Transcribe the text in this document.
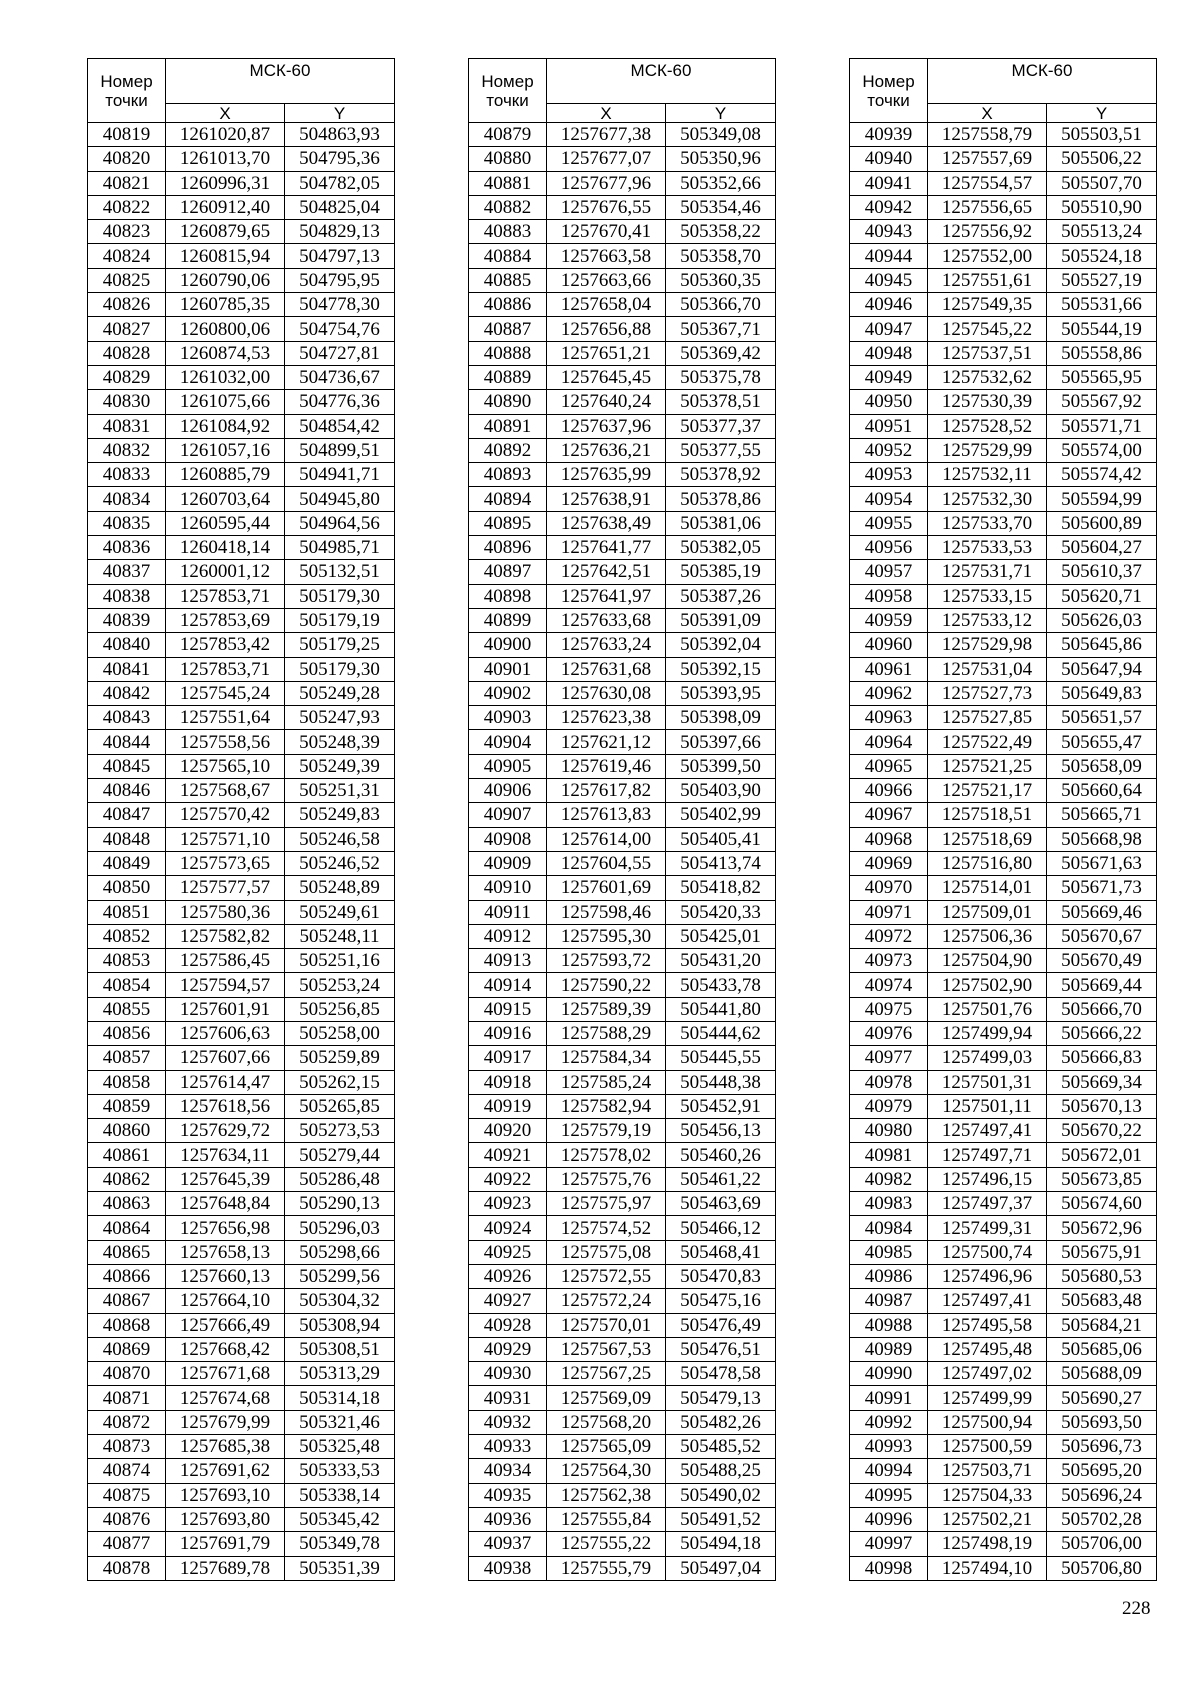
Номер
точки	МСК-60	
	X	Y
40819	1261020,87	504863,93
40820	1261013,70	504795,36
40821	1260996,31	504782,05
40822	1260912,40	504825,04
40823	1260879,65	504829,13
40824	1260815,94	504797,13
40825	1260790,06	504795,95
40826	1260785,35	504778,30
40827	1260800,06	504754,76
40828	1260874,53	504727,81
40829	1261032,00	504736,67
40830	1261075,66	504776,36
40831	1261084,92	504854,42
40832	1261057,16	504899,51
40833	1260885,79	504941,71
40834	1260703,64	504945,80
40835	1260595,44	504964,56
40836	1260418,14	504985,71
40837	1260001,12	505132,51
40838	1257853,71	505179,30
40839	1257853,69	505179,19
40840	1257853,42	505179,25
40841	1257853,71	505179,30
40842	1257545,24	505249,28
40843	1257551,64	505247,93
40844	1257558,56	505248,39
40845	1257565,10	505249,39
40846	1257568,67	505251,31
40847	1257570,42	505249,83
40848	1257571,10	505246,58
40849	1257573,65	505246,52
40850	1257577,57	505248,89
40851	1257580,36	505249,61
40852	1257582,82	505248,11
40853	1257586,45	505251,16
40854	1257594,57	505253,24
40855	1257601,91	505256,85
40856	1257606,63	505258,00
40857	1257607,66	505259,89
40858	1257614,47	505262,15
40859	1257618,56	505265,85
40860	1257629,72	505273,53
40861	1257634,11	505279,44
40862	1257645,39	505286,48
40863	1257648,84	505290,13
40864	1257656,98	505296,03
40865	1257658,13	505298,66
40866	1257660,13	505299,56
40867	1257664,10	505304,32
40868	1257666,49	505308,94
40869	1257668,42	505308,51
40870	1257671,68	505313,29
40871	1257674,68	505314,18
40872	1257679,99	505321,46
40873	1257685,38	505325,48
40874	1257691,62	505333,53
40875	1257693,10	505338,14
40876	1257693,80	505345,42
40877	1257691,79	505349,78
40878	1257689,78	505351,39
Номер
точки	МСК-60	
	X	Y
40879	1257677,38	505349,08
40880	1257677,07	505350,96
40881	1257677,96	505352,66
40882	1257676,55	505354,46
40883	1257670,41	505358,22
40884	1257663,58	505358,70
40885	1257663,66	505360,35
40886	1257658,04	505366,70
40887	1257656,88	505367,71
40888	1257651,21	505369,42
40889	1257645,45	505375,78
40890	1257640,24	505378,51
40891	1257637,96	505377,37
40892	1257636,21	505377,55
40893	1257635,99	505378,92
40894	1257638,91	505378,86
40895	1257638,49	505381,06
40896	1257641,77	505382,05
40897	1257642,51	505385,19
40898	1257641,97	505387,26
40899	1257633,68	505391,09
40900	1257633,24	505392,04
40901	1257631,68	505392,15
40902	1257630,08	505393,95
40903	1257623,38	505398,09
40904	1257621,12	505397,66
40905	1257619,46	505399,50
40906	1257617,82	505403,90
40907	1257613,83	505402,99
40908	1257614,00	505405,41
40909	1257604,55	505413,74
40910	1257601,69	505418,82
40911	1257598,46	505420,33
40912	1257595,30	505425,01
40913	1257593,72	505431,20
40914	1257590,22	505433,78
40915	1257589,39	505441,80
40916	1257588,29	505444,62
40917	1257584,34	505445,55
40918	1257585,24	505448,38
40919	1257582,94	505452,91
40920	1257579,19	505456,13
40921	1257578,02	505460,26
40922	1257575,76	505461,22
40923	1257575,97	505463,69
40924	1257574,52	505466,12
40925	1257575,08	505468,41
40926	1257572,55	505470,83
40927	1257572,24	505475,16
40928	1257570,01	505476,49
40929	1257567,53	505476,51
40930	1257567,25	505478,58
40931	1257569,09	505479,13
40932	1257568,20	505482,26
40933	1257565,09	505485,52
40934	1257564,30	505488,25
40935	1257562,38	505490,02
40936	1257555,84	505491,52
40937	1257555,22	505494,18
40938	1257555,79	505497,04
Номер
точки	МСК-60	
	X	Y
40939	1257558,79	505503,51
40940	1257557,69	505506,22
40941	1257554,57	505507,70
40942	1257556,65	505510,90
40943	1257556,92	505513,24
40944	1257552,00	505524,18
40945	1257551,61	505527,19
40946	1257549,35	505531,66
40947	1257545,22	505544,19
40948	1257537,51	505558,86
40949	1257532,62	505565,95
40950	1257530,39	505567,92
40951	1257528,52	505571,71
40952	1257529,99	505574,00
40953	1257532,11	505574,42
40954	1257532,30	505594,99
40955	1257533,70	505600,89
40956	1257533,53	505604,27
40957	1257531,71	505610,37
40958	1257533,15	505620,71
40959	1257533,12	505626,03
40960	1257529,98	505645,86
40961	1257531,04	505647,94
40962	1257527,73	505649,83
40963	1257527,85	505651,57
40964	1257522,49	505655,47
40965	1257521,25	505658,09
40966	1257521,17	505660,64
40967	1257518,51	505665,71
40968	1257518,69	505668,98
40969	1257516,80	505671,63
40970	1257514,01	505671,73
40971	1257509,01	505669,46
40972	1257506,36	505670,67
40973	1257504,90	505670,49
40974	1257502,90	505669,44
40975	1257501,76	505666,70
40976	1257499,94	505666,22
40977	1257499,03	505666,83
40978	1257501,31	505669,34
40979	1257501,11	505670,13
40980	1257497,41	505670,22
40981	1257497,71	505672,01
40982	1257496,15	505673,85
40983	1257497,37	505674,60
40984	1257499,31	505672,96
40985	1257500,74	505675,91
40986	1257496,96	505680,53
40987	1257497,41	505683,48
40988	1257495,58	505684,21
40989	1257495,48	505685,06
40990	1257497,02	505688,09
40991	1257499,99	505690,27
40992	1257500,94	505693,50
40993	1257500,59	505696,73
40994	1257503,71	505695,20
40995	1257504,33	505696,24
40996	1257502,21	505702,28
40997	1257498,19	505706,00
40998	1257494,10	505706,80
228
